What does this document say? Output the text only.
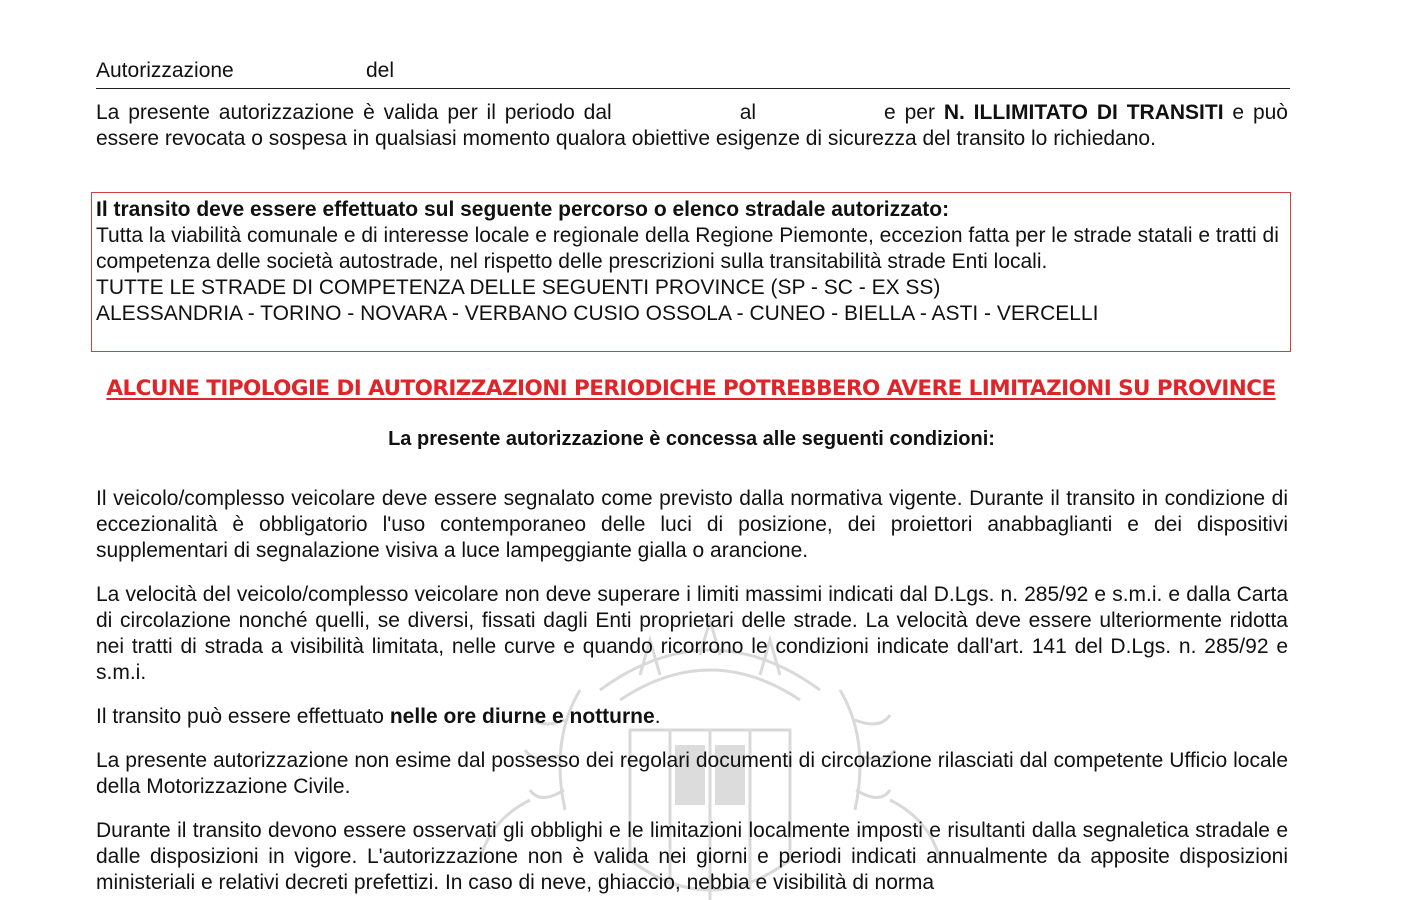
Autorizzazione	del
La presente autorizzazione è valida per il periodo dal	al	e per N. ILLIMITATO DI TRANSITI e può essere revocata o sospesa in qualsiasi momento qualora obiettive esigenze di sicurezza del transito lo richiedano.
Il transito deve essere effettuato sul seguente percorso o elenco stradale autorizzato:
Tutta la viabilità comunale e di interesse locale e regionale della Regione Piemonte, eccezion fatta per le strade statali e tratti di competenza delle società autostrade, nel rispetto delle prescrizioni sulla transitabilità strade Enti locali.
TUTTE LE STRADE DI COMPETENZA DELLE SEGUENTI PROVINCE (SP - SC - EX SS)
ALESSANDRIA - TORINO - NOVARA - VERBANO CUSIO OSSOLA - CUNEO - BIELLA - ASTI - VERCELLI
ALCUNE TIPOLOGIE DI AUTORIZZAZIONI PERIODICHE POTREBBERO AVERE LIMITAZIONI SU PROVINCE
La presente autorizzazione è concessa alle seguenti condizioni:
Il veicolo/complesso veicolare deve essere segnalato come previsto dalla normativa vigente. Durante il transito in condizione di eccezionalità è obbligatorio l'uso contemporaneo delle luci di posizione, dei proiettori anabbaglianti e dei dispositivi supplementari di segnalazione visiva a luce lampeggiante gialla o arancione.
La velocità del veicolo/complesso veicolare non deve superare i limiti massimi indicati dal D.Lgs. n. 285/92 e s.m.i. e dalla Carta di circolazione nonché quelli, se diversi, fissati dagli Enti proprietari delle strade. La velocità deve essere ulteriormente ridotta nei tratti di strada a visibilità limitata, nelle curve e quando ricorrono le condizioni indicate dall'art. 141 del D.Lgs. n. 285/92 e s.m.i.
Il transito può essere effettuato nelle ore diurne e notturne.
La presente autorizzazione non esime dal possesso dei regolari documenti di circolazione rilasciati dal competente Ufficio locale della Motorizzazione Civile.
Durante il transito devono essere osservati gli obblighi e le limitazioni localmente imposti e risultanti dalla segnaletica stradale e dalle disposizioni in vigore. L'autorizzazione non è valida nei giorni e periodi indicati annualmente da apposite disposizioni ministeriali e relativi decreti prefettizi. In caso di neve, ghiaccio, nebbia e visibilità di norma
